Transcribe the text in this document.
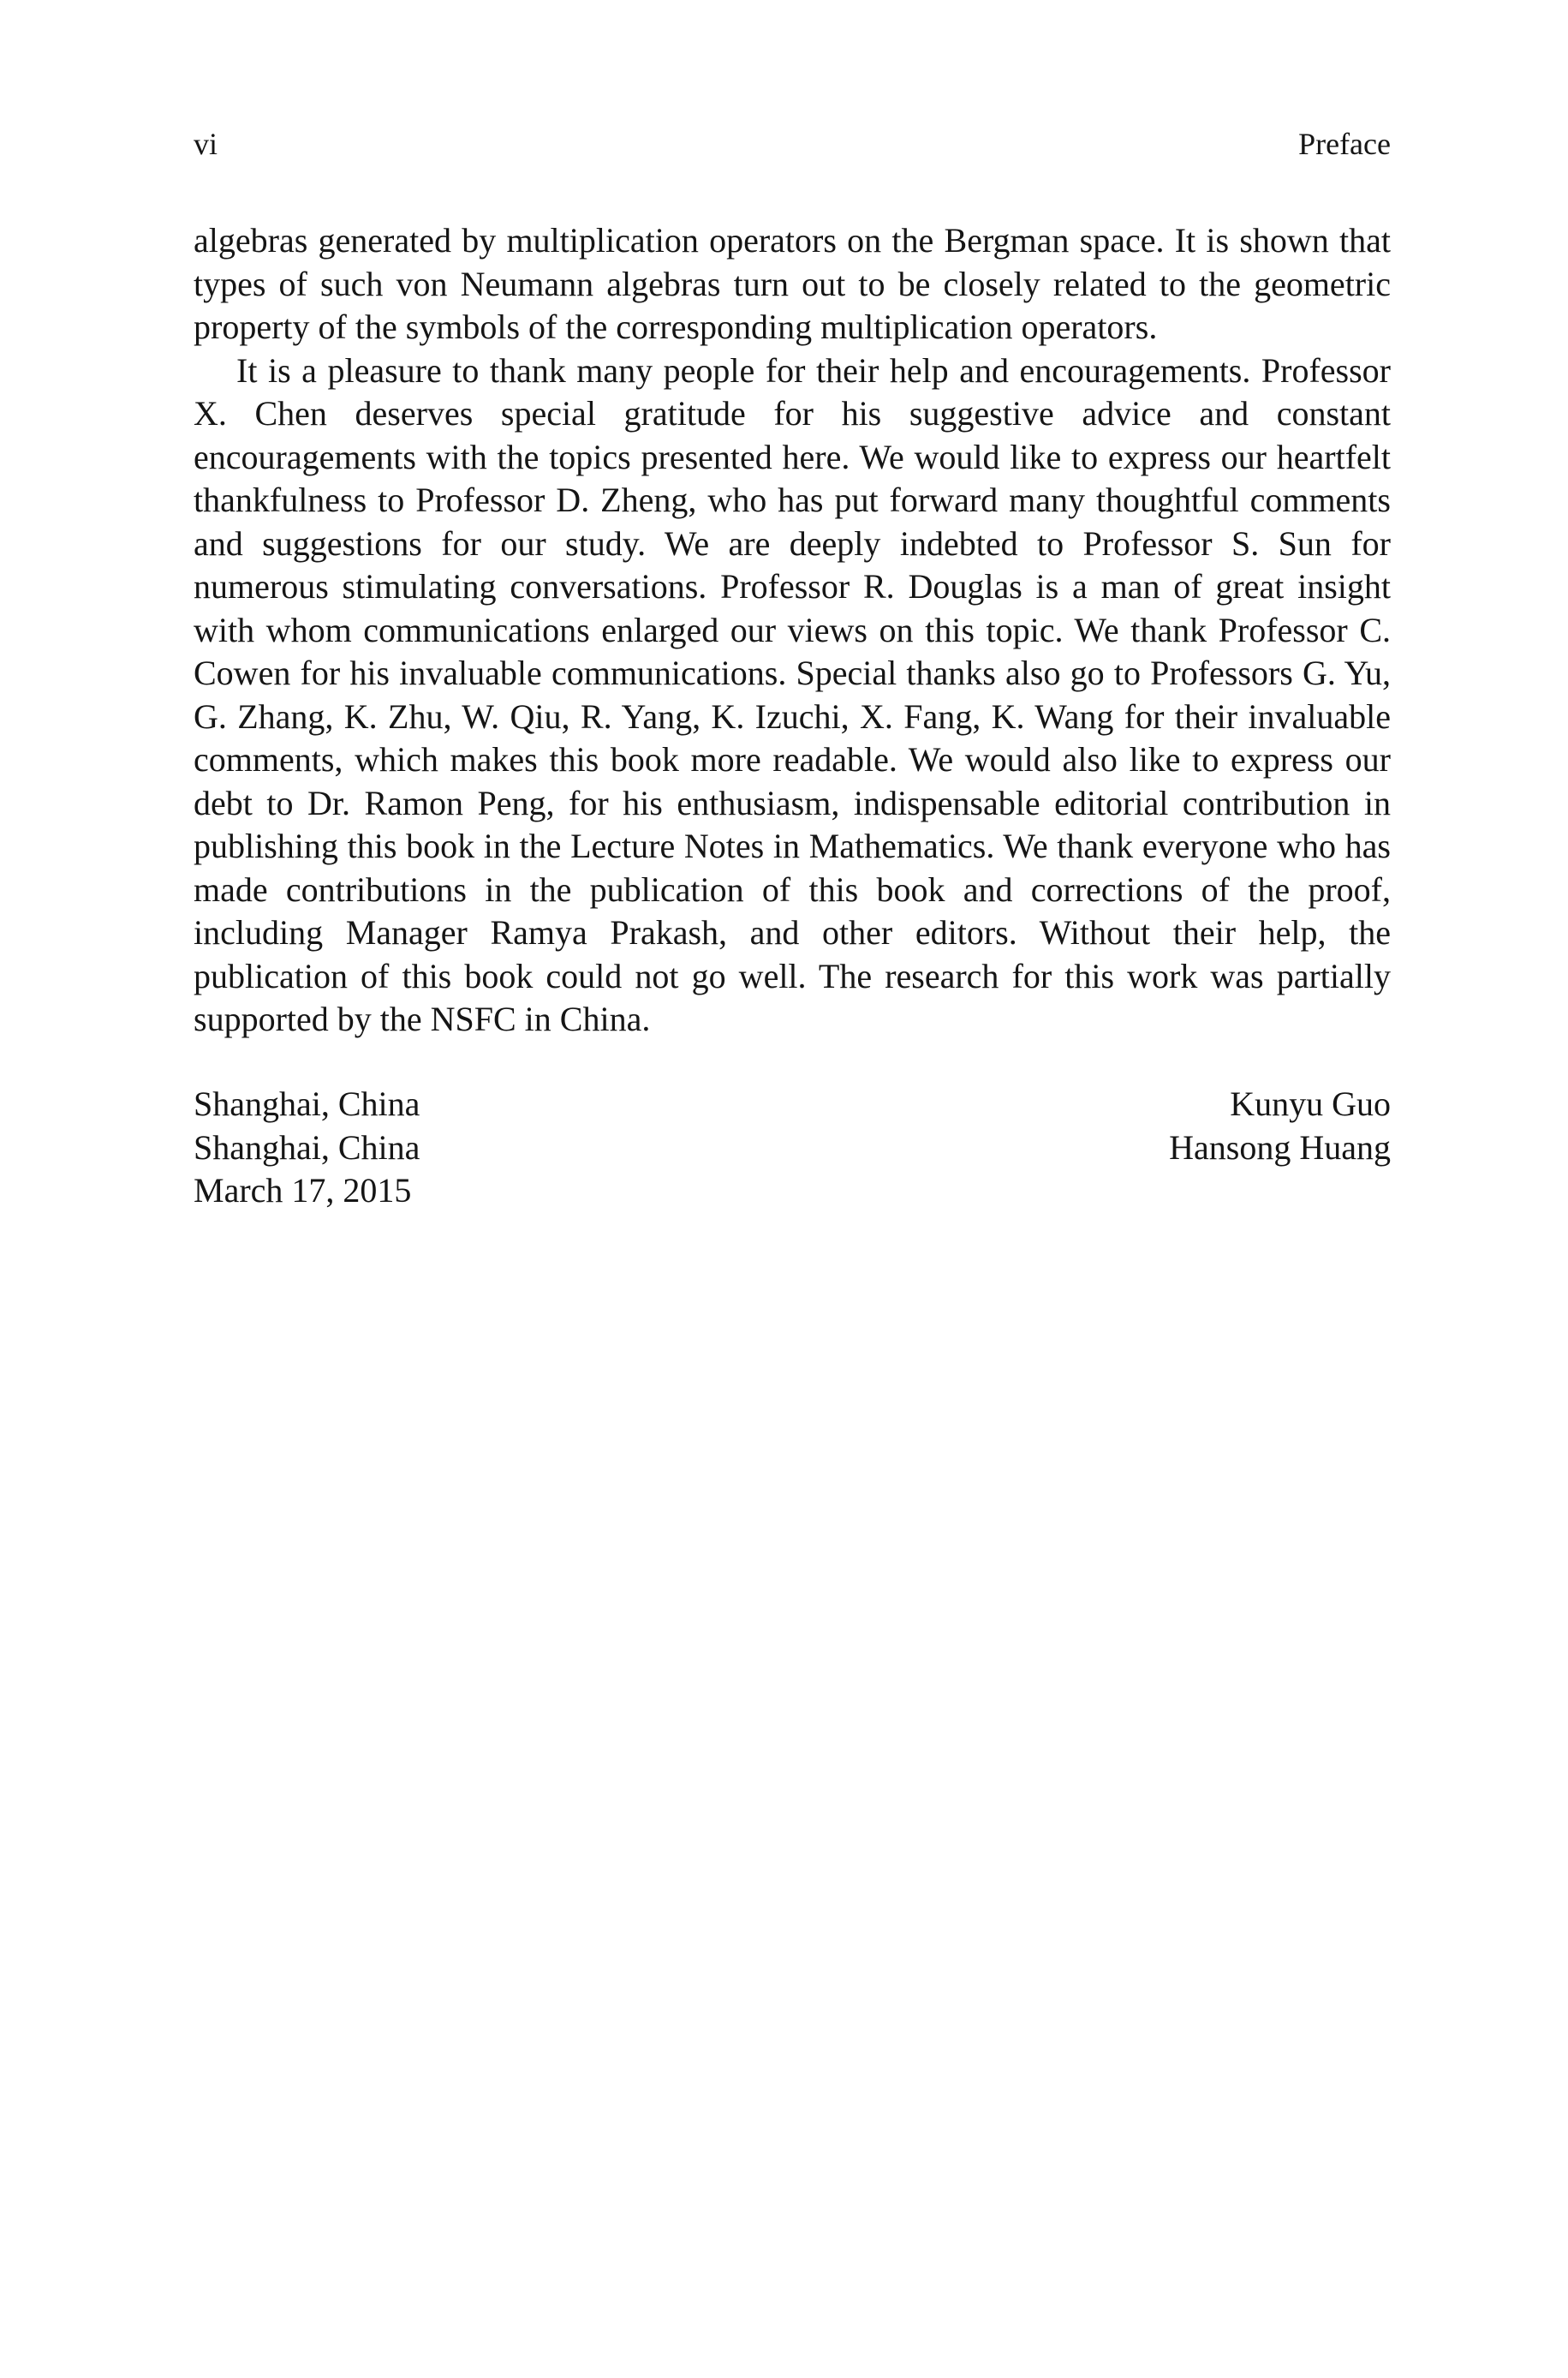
vi	Preface

algebras generated by multiplication operators on the Bergman space. It is shown that types of such von Neumann algebras turn out to be closely related to the geometric property of the symbols of the corresponding multiplication operators.

It is a pleasure to thank many people for their help and encouragements. Professor X. Chen deserves special gratitude for his suggestive advice and constant encouragements with the topics presented here. We would like to express our heartfelt thankfulness to Professor D. Zheng, who has put forward many thoughtful comments and suggestions for our study. We are deeply indebted to Professor S. Sun for numerous stimulating conversations. Professor R. Douglas is a man of great insight with whom communications enlarged our views on this topic. We thank Professor C. Cowen for his invaluable communications. Special thanks also go to Professors G. Yu, G. Zhang, K. Zhu, W. Qiu, R. Yang, K. Izuchi, X. Fang, K. Wang for their invaluable comments, which makes this book more readable. We would also like to express our debt to Dr. Ramon Peng, for his enthusiasm, indispensable editorial contribution in publishing this book in the Lecture Notes in Mathematics. We thank everyone who has made contributions in the publication of this book and corrections of the proof, including Manager Ramya Prakash, and other editors. Without their help, the publication of this book could not go well. The research for this work was partially supported by the NSFC in China.

Shanghai, China
Shanghai, China
March 17, 2015
Kunyu Guo
Hansong Huang
